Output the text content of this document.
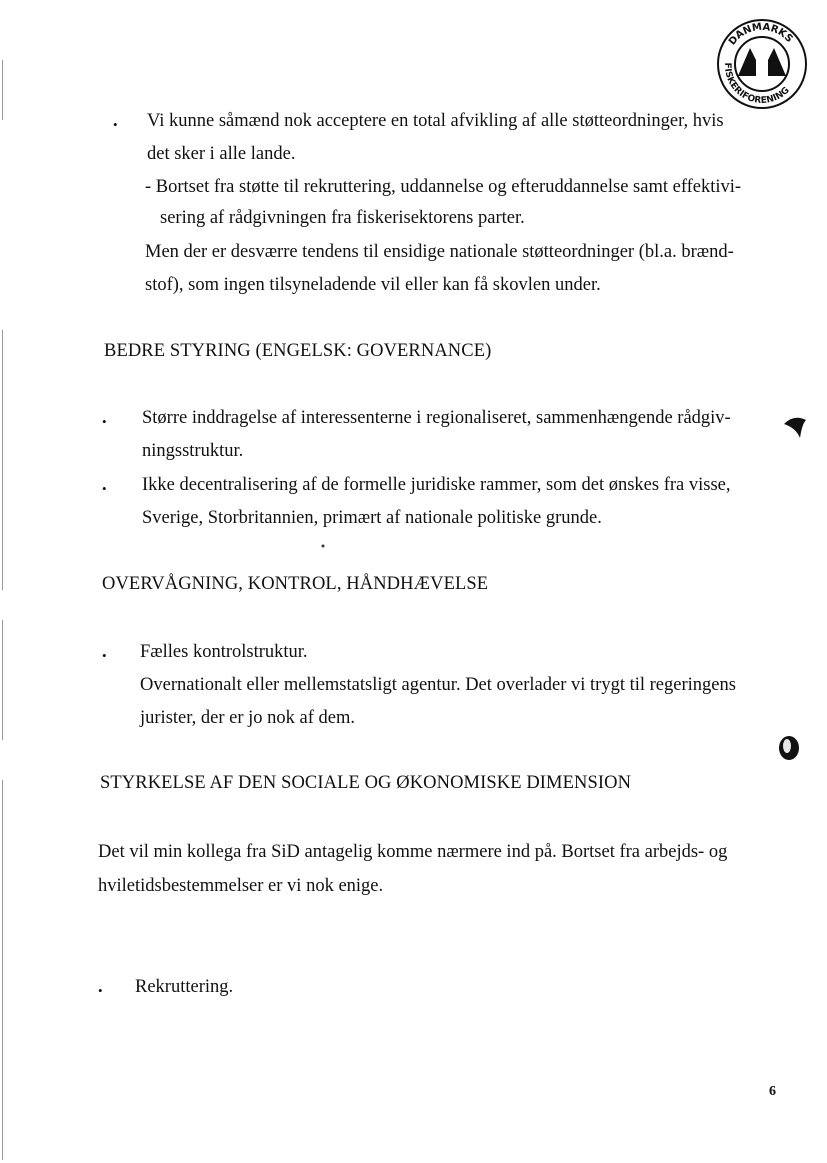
DANMARKS
FISKERIFORENING
• Vi kunne såmænd nok acceptere en total afvikling af alle støtteordninger, hvis
det sker i alle lande.
- Bortset fra støtte til rekruttering, uddannelse og efteruddannelse samt effektivi-
sering af rådgivningen fra fiskerisektorens parter.
Men der er desværre tendens til ensidige nationale støtteordninger (bl.a. brænd-
stof), som ingen tilsyneladende vil eller kan få skovlen under.
BEDRE STYRING (ENGELSK: GOVERNANCE)
• Større inddragelse af interessenterne i regionaliseret, sammenhængende rådgiv-
ningsstruktur.
• Ikke decentralisering af de formelle juridiske rammer, som det ønskes fra visse,
Sverige, Storbritannien, primært af nationale politiske grunde.
OVERVÅGNING, KONTROL, HÅNDHÆVELSE
• Fælles kontrolstruktur.
Overnationalt eller mellemstatsligt agentur. Det overlader vi trygt til regeringens
jurister, der er jo nok af dem.
STYRKELSE AF DEN SOCIALE OG ØKONOMISKE DIMENSION
Det vil min kollega fra SiD antagelig komme nærmere ind på. Bortset fra arbejds- og
hviletidsbestemmelser er vi nok enige.
• Rekruttering.
6
